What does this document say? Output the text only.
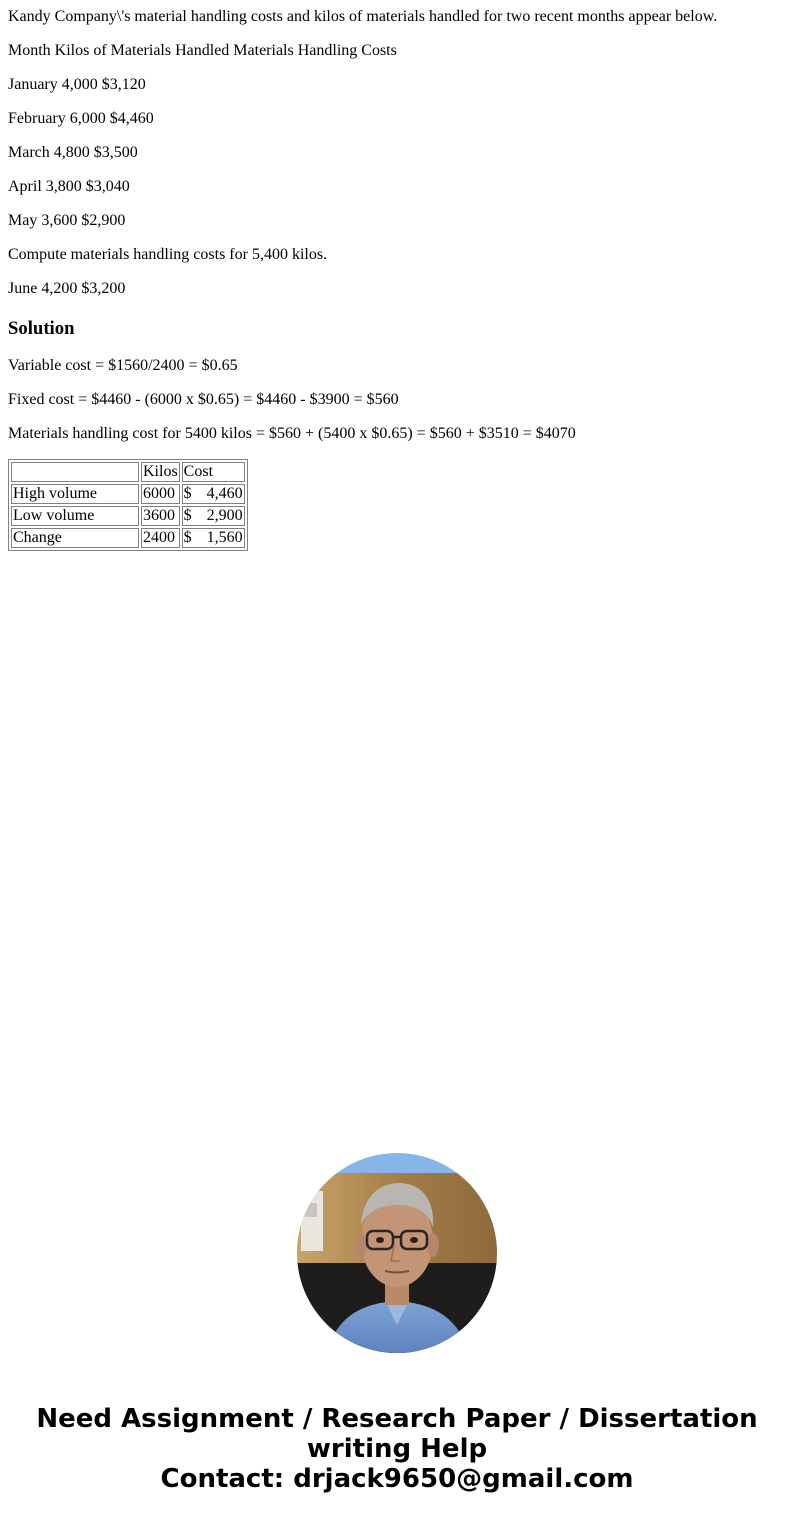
Kandy Company\'s material handling costs and kilos of materials handled for two recent months appear below.

Month Kilos of Materials Handled Materials Handling Costs

January 4,000 $3,120

February 6,000 $4,460

March 4,800 $3,500

April 3,800 $3,040

May 3,600 $2,900

Compute materials handling costs for 5,400 kilos.

June 4,200 $3,200

Solution

Variable cost = $1560/2400 = $0.65

Fixed cost = $4460 - (6000 x $0.65) = $4460 - $3900 = $560

Materials handling cost for 5400 kilos = $560 + (5400 x $0.65) = $560 + $3510 = $4070

	Kilos	Cost
High volume	6000	$ 4,460

Low volume	3600	$ 2,900

Change	2400	$ 1,560
Need Assignment / Research Paper / Dissertation
writing Help
Contact: drjack9650@gmail.com
